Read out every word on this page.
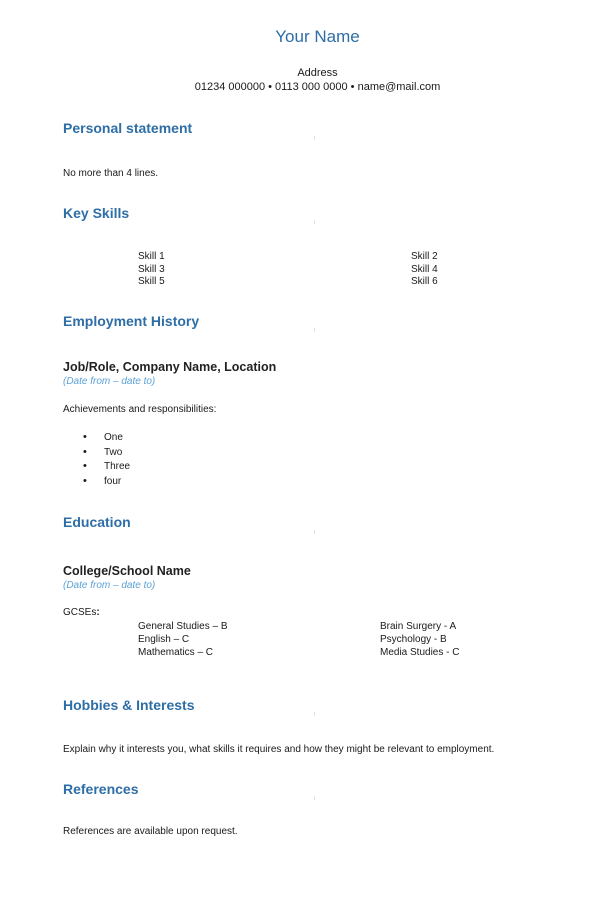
Your Name
Address
01234 000000 • 0113 000 0000 • name@mail.com
Personal statement
No more than 4 lines.
Key Skills
Skill 1
Skill 3
Skill 5
Skill 2
Skill 4
Skill 6
Employment History
Job/Role, Company Name, Location
(Date from – date to)
Achievements and responsibilities:
• One
• Two
• Three
• four
Education
College/School Name
(Date from – date to)
GCSEs:
General Studies – B
English – C
Mathematics – C
Brain Surgery - A
Psychology - B
Media Studies - C
Hobbies & Interests
Explain why it interests you, what skills it requires and how they might be relevant to employment.
References
References are available upon request.
